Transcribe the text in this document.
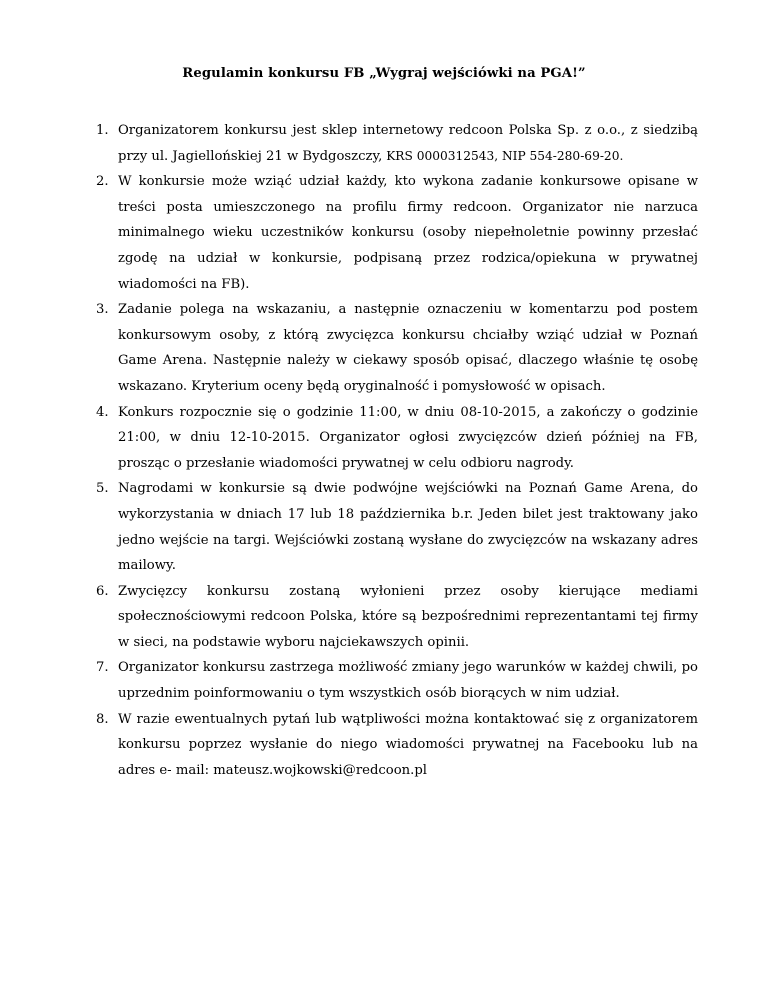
Regulamin konkursu FB „Wygraj wejściówki na PGA!”
1. Organizatorem konkursu jest sklep internetowy redcoon Polska Sp. z o.o., z siedzibą przy ul. Jagiellońskiej 21 w Bydgoszczy, KRS 0000312543, NIP 554-280-69-20.
2. W konkursie może wziąć udział każdy, kto wykona zadanie konkursowe opisane w treści posta umieszczonego na profilu firmy redcoon. Organizator nie narzuca minimalnego wieku uczestników konkursu (osoby niepełnoletnie powinny przesłać zgodę na udział w konkursie, podpisaną przez rodzica/opiekuna w prywatnej wiadomości na FB).
3. Zadanie polega na wskazaniu, a następnie oznaczeniu w komentarzu pod postem konkursowym osoby, z którą zwycięzca konkursu chciałby wziąć udział w Poznań Game Arena. Następnie należy w ciekawy sposób opisać, dlaczego właśnie tę osobę wskazano. Kryterium oceny będą oryginalność i pomysłowość w opisach.
4. Konkurs rozpocznie się o godzinie 11:00, w dniu 08-10-2015, a zakończy o godzinie 21:00, w dniu 12-10-2015. Organizator ogłosi zwycięzców dzień później na FB, prosząc o przesłanie wiadomości prywatnej w celu odbioru nagrody.
5. Nagrodami w konkursie są dwie podwójne wejściówki na Poznań Game Arena, do wykorzystania w dniach 17 lub 18 października b.r. Jeden bilet jest traktowany jako jedno wejście na targi. Wejściówki zostaną wysłane do zwycięzców na wskazany adres mailowy.
6. Zwycięzcy konkursu zostaną wyłonieni przez osoby kierujące mediami
społecznościowymi redcoon Polska, które są bezpośrednimi reprezentantami tej firmy w sieci, na podstawie wyboru najciekawszych opinii.
7. Organizator konkursu zastrzega możliwość zmiany jego warunków w każdej chwili, po uprzednim poinformowaniu o tym wszystkich osób biorących w nim udział.
8. W razie ewentualnych pytań lub wątpliwości można kontaktować się z organizatorem konkursu poprzez wysłanie do niego wiadomości prywatnej na Facebooku lub na adres e- mail: mateusz.wojkowski@redcoon.pl
